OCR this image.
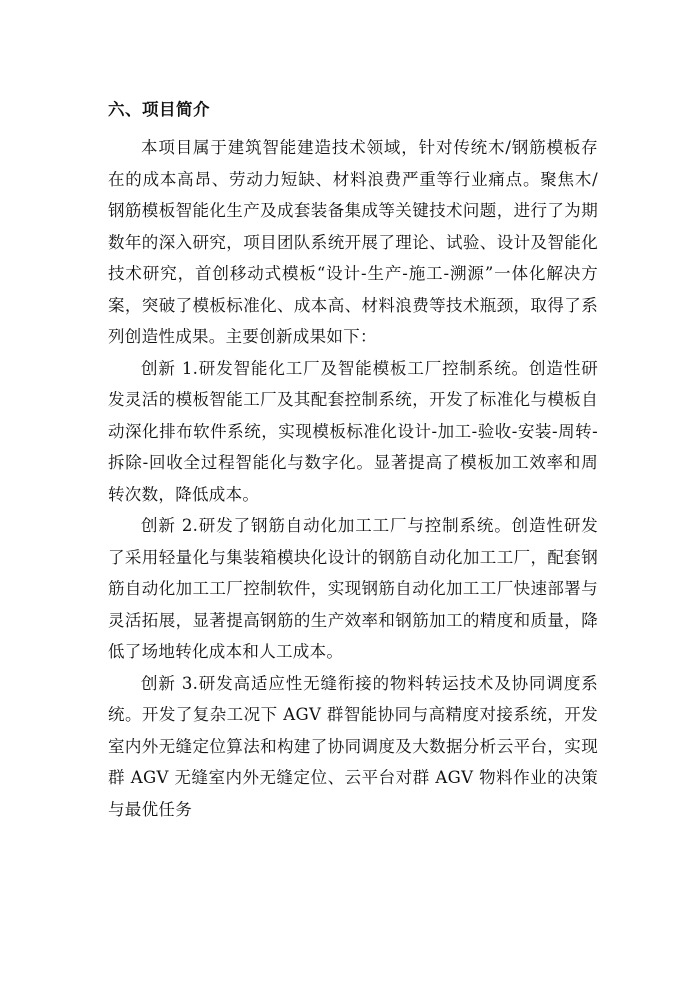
六、项目简介

本项目属于建筑智能建造技术领域，针对传统木/钢筋模板存在的成本高昂、劳动力短缺、材料浪费严重等行业痛点。聚焦木/钢筋模板智能化生产及成套装备集成等关键技术问题，进行了为期数年的深入研究，项目团队系统开展了理论、试验、设计及智能化技术研究，首创移动式模板“设计-生产-施工-溯源”一体化解决方案，突破了模板标准化、成本高、材料浪费等技术瓶颈，取得了系列创造性成果。主要创新成果如下：

创新 1.研发智能化工厂及智能模板工厂控制系统。创造性研发灵活的模板智能工厂及其配套控制系统，开发了标准化与模板自动深化排布软件系统，实现模板标准化设计-加工-验收-安装-周转-拆除-回收全过程智能化与数字化。显著提高了模板加工效率和周转次数，降低成本。

创新 2.研发了钢筋自动化加工工厂与控制系统。创造性研发了采用轻量化与集装箱模块化设计的钢筋自动化加工工厂，配套钢筋自动化加工工厂控制软件，实现钢筋自动化加工工厂快速部署与灵活拓展，显著提高钢筋的生产效率和钢筋加工的精度和质量，降低了场地转化成本和人工成本。

创新 3.研发高适应性无缝衔接的物料转运技术及协同调度系统。开发了复杂工况下 AGV 群智能协同与高精度对接系统，开发室内外无缝定位算法和构建了协同调度及大数据分析云平台，实现群 AGV 无缝室内外无缝定位、云平台对群 AGV 物料作业的决策与最优任务
